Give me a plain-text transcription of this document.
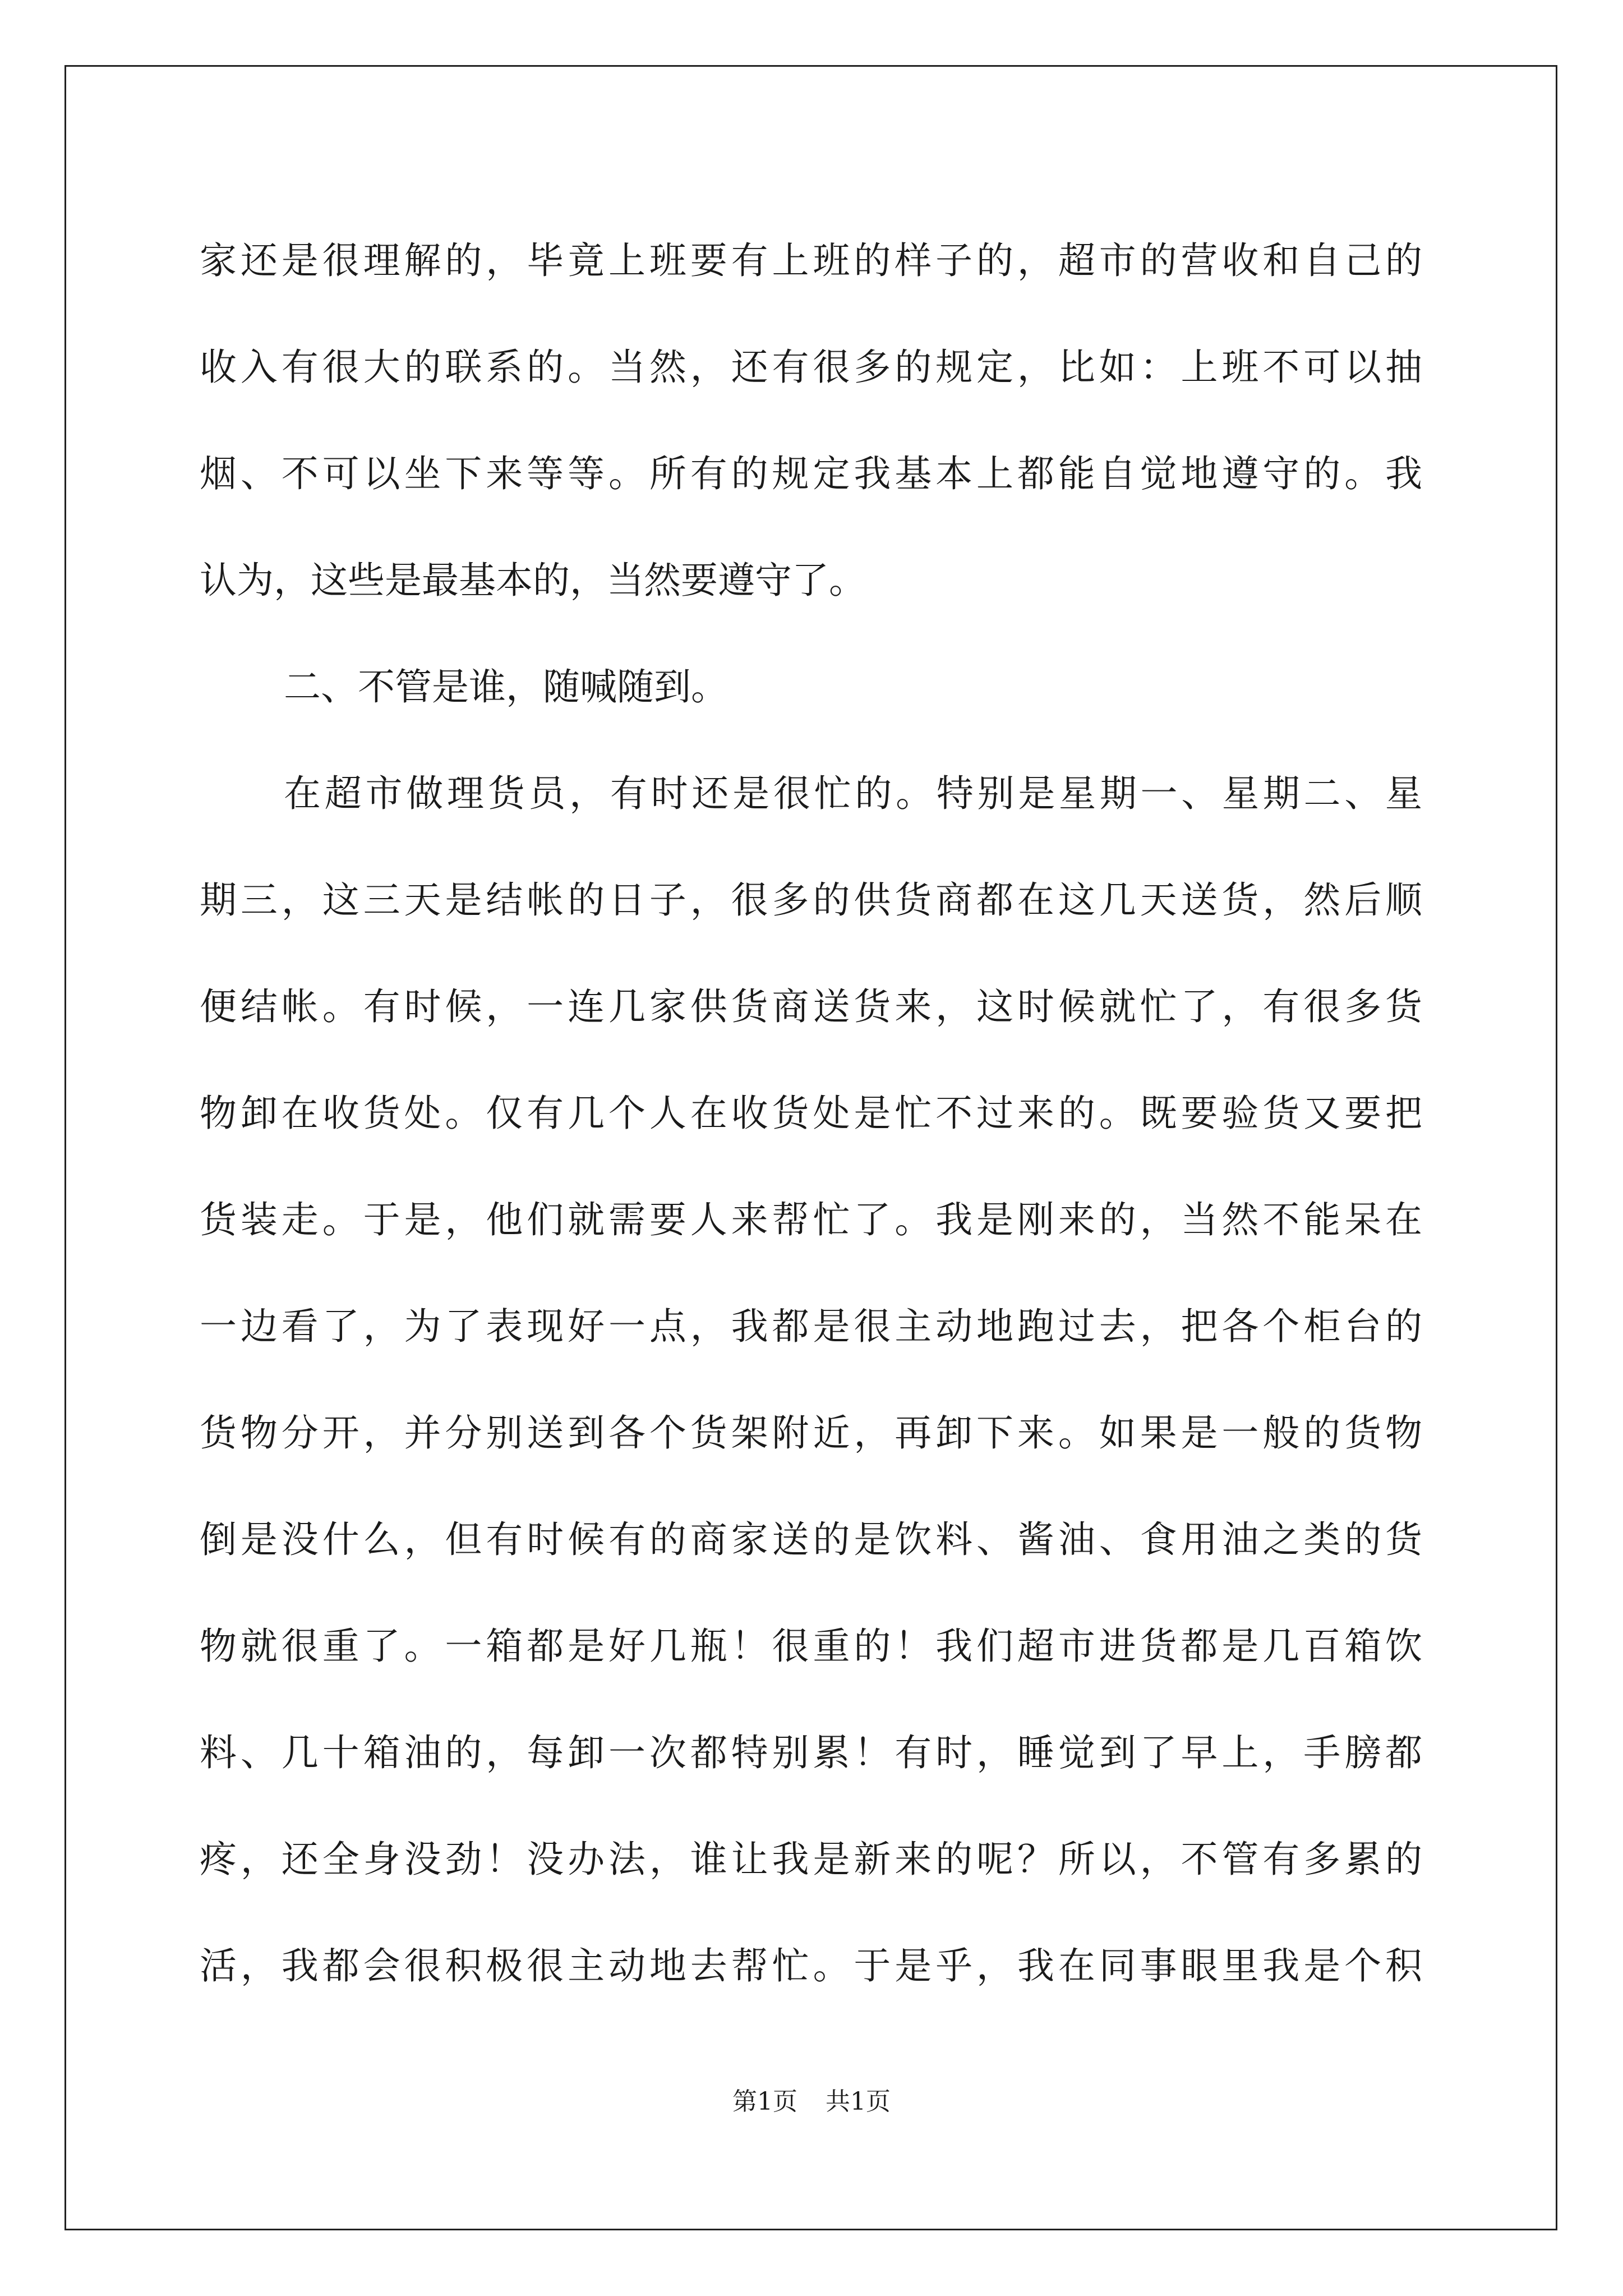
家还是很理解的，毕竟上班要有上班的样子的，超市的营收和自己的
收入有很大的联系的。当然，还有很多的规定，比如：上班不可以抽
烟、不可以坐下来等等。所有的规定我基本上都能自觉地遵守的。我
认为，这些是最基本的，当然要遵守了。
二、不管是谁，随喊随到。
在超市做理货员，有时还是很忙的。特别是星期一、星期二、星
期三，这三天是结帐的日子，很多的供货商都在这几天送货，然后顺
便结帐。有时候，一连几家供货商送货来，这时候就忙了，有很多货
物卸在收货处。仅有几个人在收货处是忙不过来的。既要验货又要把
货装走。于是，他们就需要人来帮忙了。我是刚来的，当然不能呆在
一边看了，为了表现好一点，我都是很主动地跑过去，把各个柜台的
货物分开，并分别送到各个货架附近，再卸下来。如果是一般的货物
倒是没什么，但有时候有的商家送的是饮料、酱油、食用油之类的货
物就很重了。一箱都是好几瓶！很重的！我们超市进货都是几百箱饮
料、几十箱油的，每卸一次都特别累！有时，睡觉到了早上，手膀都
疼，还全身没劲！没办法，谁让我是新来的呢？所以，不管有多累的
活，我都会很积极很主动地去帮忙。于是乎，我在同事眼里我是个积
第1页 共1页
